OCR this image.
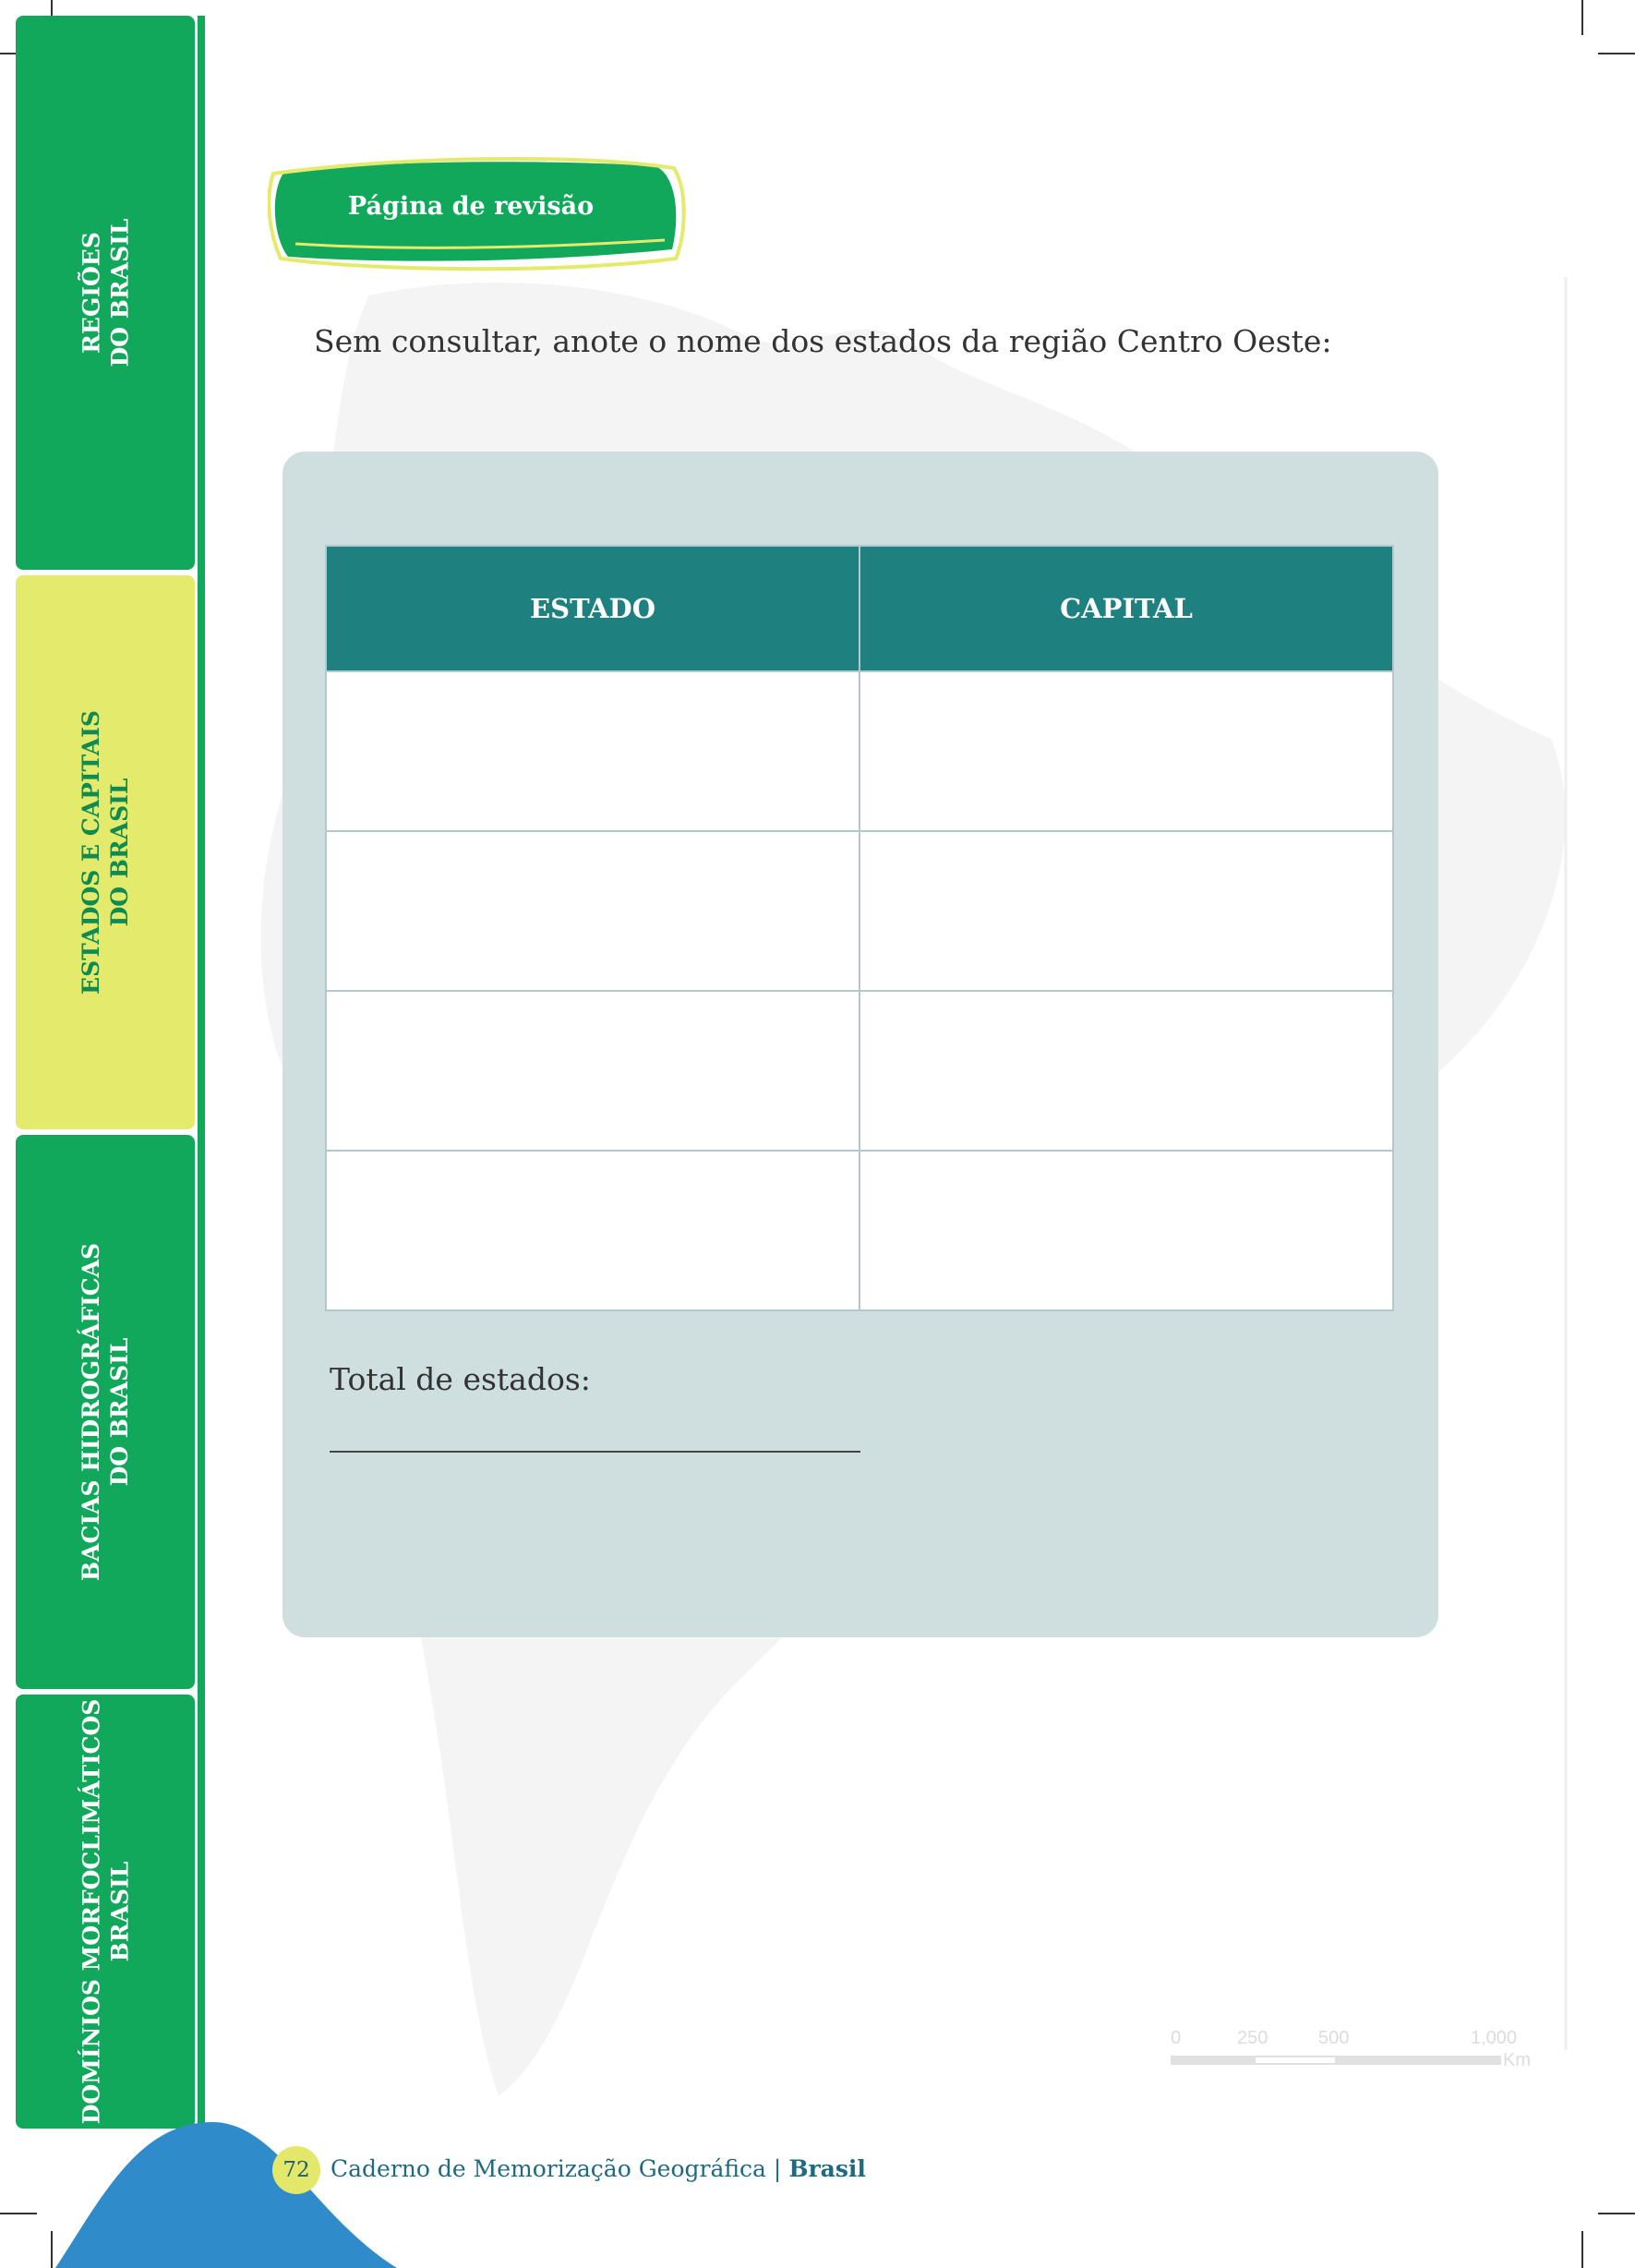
REGIÕES
DO BRASIL
ESTADOS E CAPITAIS
DO BRASIL
BACIAS HIDROGRÁFICAS
DO BRASIL
DOMÍNIOS MORFOCLIMÁTICOS
BRASIL
Página de revisão
Sem consultar, anote o nome dos estados da região Centro Oeste:
ESTADO	CAPITAL

Total de estados:
0	250	500	1,000
Km
72 Caderno de Memorização Geográfica | Brasil
